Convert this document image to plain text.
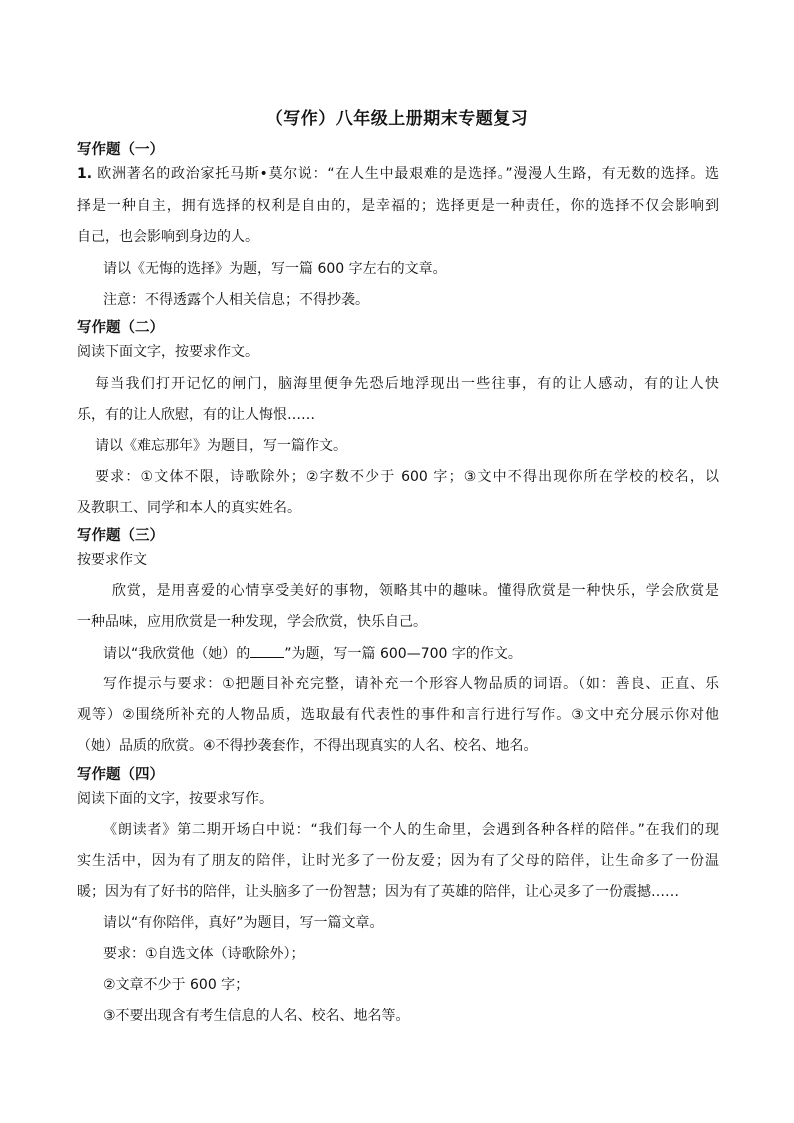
（写作）八年级上册期末专题复习
写作题（一）
1. 欧洲著名的政治家托马斯•莫尔说：“在人生中最艰难的是选择。”漫漫人生路，有无数的选择。选
择是一种自主，拥有选择的权利是自由的，是幸福的；选择更是一种责任，你的选择不仅会影响到
自己，也会影响到身边的人。
请以《无悔的选择》为题，写一篇 600 字左右的文章。
注意：不得透露个人相关信息；不得抄袭。
写作题（二）
阅读下面文字，按要求作文。
每当我们打开记忆的闸门，脑海里便争先恐后地浮现出一些往事，有的让人感动，有的让人快
乐，有的让人欣慰，有的让人悔恨……
请以《难忘那年》为题目，写一篇作文。
要求：①文体不限，诗歌除外；②字数不少于 600 字；③文中不得出现你所在学校的校名，以
及教职工、同学和本人的真实姓名。
写作题（三）
按要求作文
欣赏，是用喜爱的心情享受美好的事物，领略其中的趣味。懂得欣赏是一种快乐，学会欣赏是
一种品味，应用欣赏是一种发现，学会欣赏，快乐自己。
请以“我欣赏他（她）的 ”为题，写一篇 600—700 字的作文。
写作提示与要求：①把题目补充完整，请补充一个形容人物品质的词语。（如：善良、正直、乐
观等）②围绕所补充的人物品质，选取最有代表性的事件和言行进行写作。③文中充分展示你对他
（她）品质的欣赏。④不得抄袭套作，不得出现真实的人名、校名、地名。
写作题（四）
阅读下面的文字，按要求写作。
《朗读者》第二期开场白中说：“我们每一个人的生命里，会遇到各种各样的陪伴。”在我们的现
实生活中，因为有了朋友的陪伴，让时光多了一份友爱；因为有了父母的陪伴，让生命多了一份温
暖；因为有了好书的陪伴，让头脑多了一份智慧；因为有了英雄的陪伴，让心灵多了一份震撼……
请以“有你陪伴，真好”为题目，写一篇文章。
要求：①自选文体（诗歌除外）；
②文章不少于 600 字；
③不要出现含有考生信息的人名、校名、地名等。
